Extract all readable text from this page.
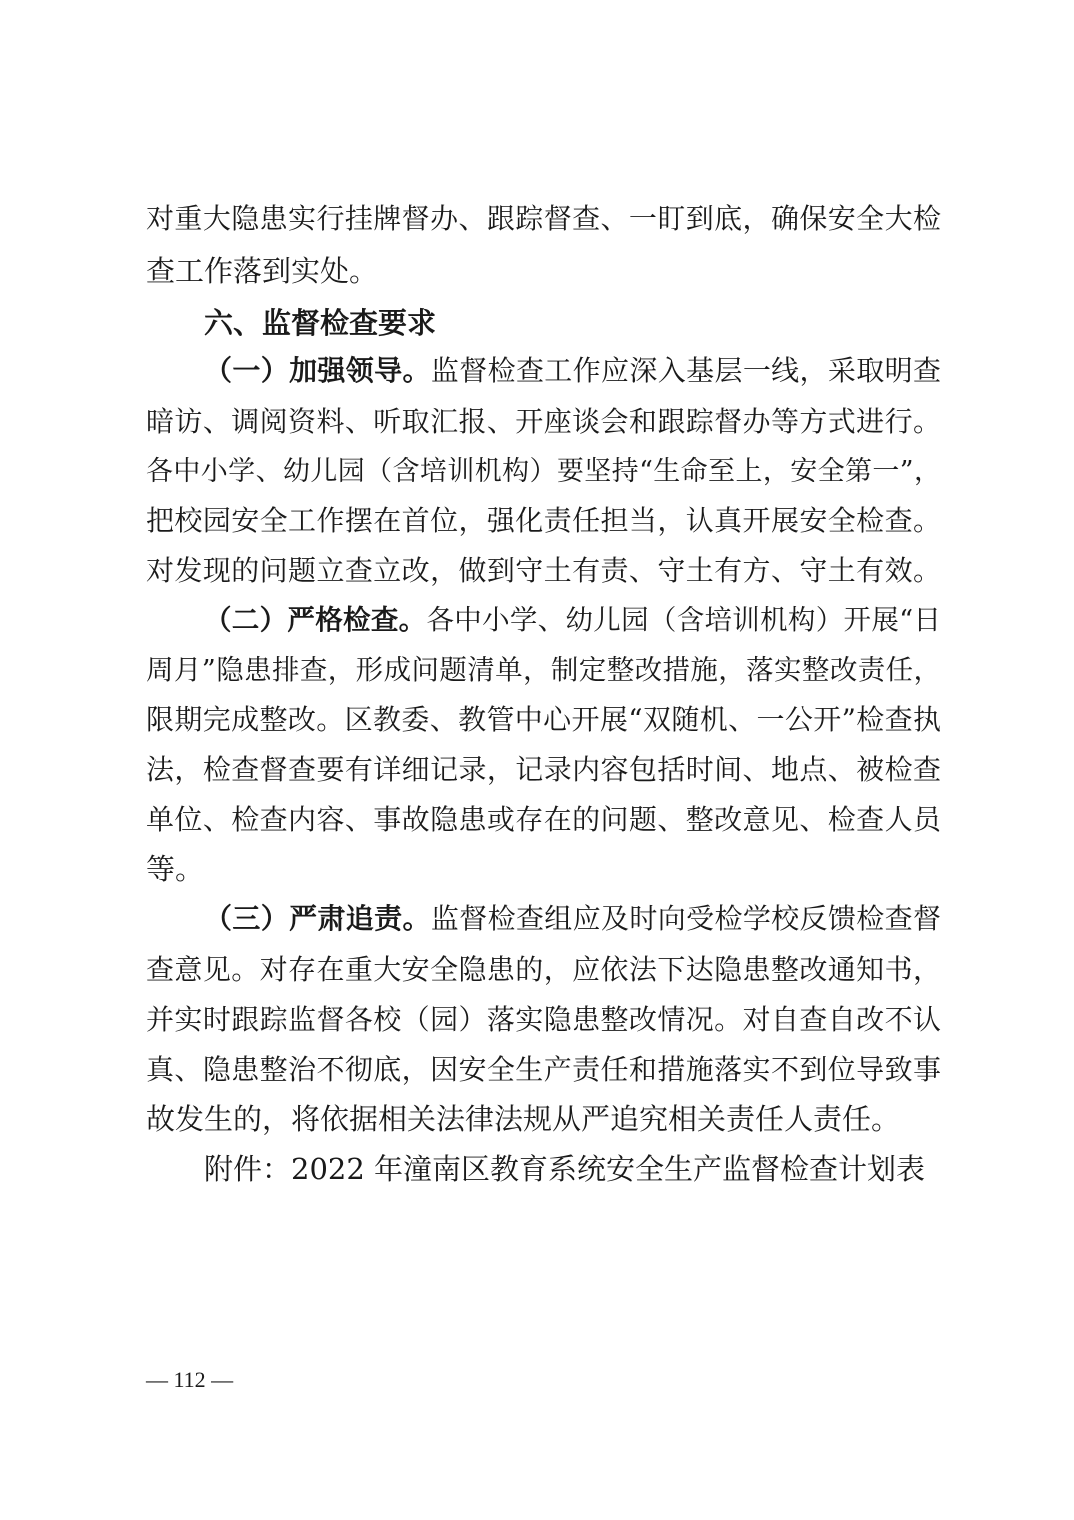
对重大隐患实行挂牌督办、跟踪督查、一盯到底，确保安全大检
查工作落到实处。
六、监督检查要求
（一）加强领导。监督检查工作应深入基层一线，采取明查
暗访、调阅资料、听取汇报、开座谈会和跟踪督办等方式进行。
各中小学、幼儿园（含培训机构）要坚持“生命至上，安全第一”，
把校园安全工作摆在首位，强化责任担当，认真开展安全检查。
对发现的问题立查立改，做到守土有责、守土有方、守土有效。
（二）严格检查。各中小学、幼儿园（含培训机构）开展“日
周月”隐患排查，形成问题清单，制定整改措施，落实整改责任，
限期完成整改。区教委、教管中心开展“双随机、一公开”检查执
法，检查督查要有详细记录，记录内容包括时间、地点、被检查
单位、检查内容、事故隐患或存在的问题、整改意见、检查人员
等。
（三）严肃追责。监督检查组应及时向受检学校反馈检查督
查意见。对存在重大安全隐患的，应依法下达隐患整改通知书，
并实时跟踪监督各校（园）落实隐患整改情况。对自查自改不认
真、隐患整治不彻底，因安全生产责任和措施落实不到位导致事
故发生的，将依据相关法律法规从严追究相关责任人责任。
附件：2022 年潼南区教育系统安全生产监督检查计划表
— 112 —
